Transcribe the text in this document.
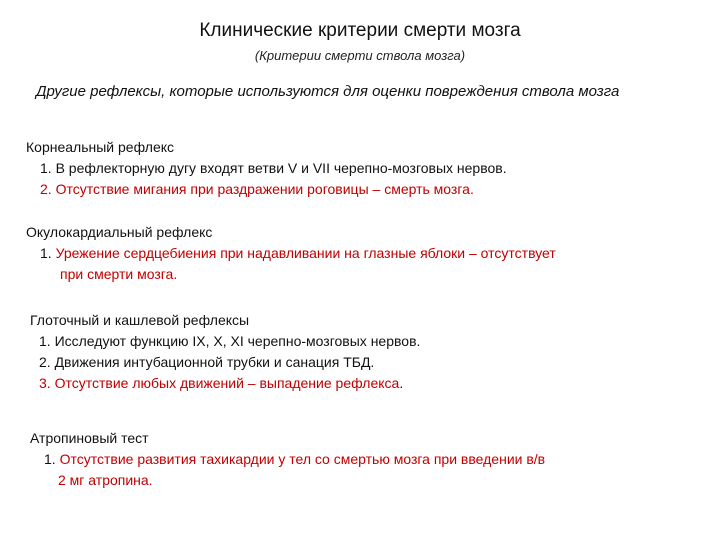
Клинические критерии смерти мозга
(Критерии смерти ствола мозга)
Другие рефлексы, которые используются для оценки повреждения ствола мозга
Корнеальный рефлекс
1. В рефлекторную дугу входят ветви V и VII черепно-мозговых нервов.
2. Отсутствие мигания при раздражении роговицы – смерть мозга.
Окулокардиальный рефлекс
1. Урежение сердцебиения при надавливании на глазные яблоки – отсутствует
при смерти мозга.
Глоточный и кашлевой рефлексы
1. Исследуют функцию IX, X, XI черепно-мозговых нервов.
2. Движения интубационной трубки и санация ТБД.
3. Отсутствие любых движений – выпадение рефлекса.
Атропиновый тест
1. Отсутствие развития тахикардии у тел со смертью мозга при введении в/в
2 мг атропина.
